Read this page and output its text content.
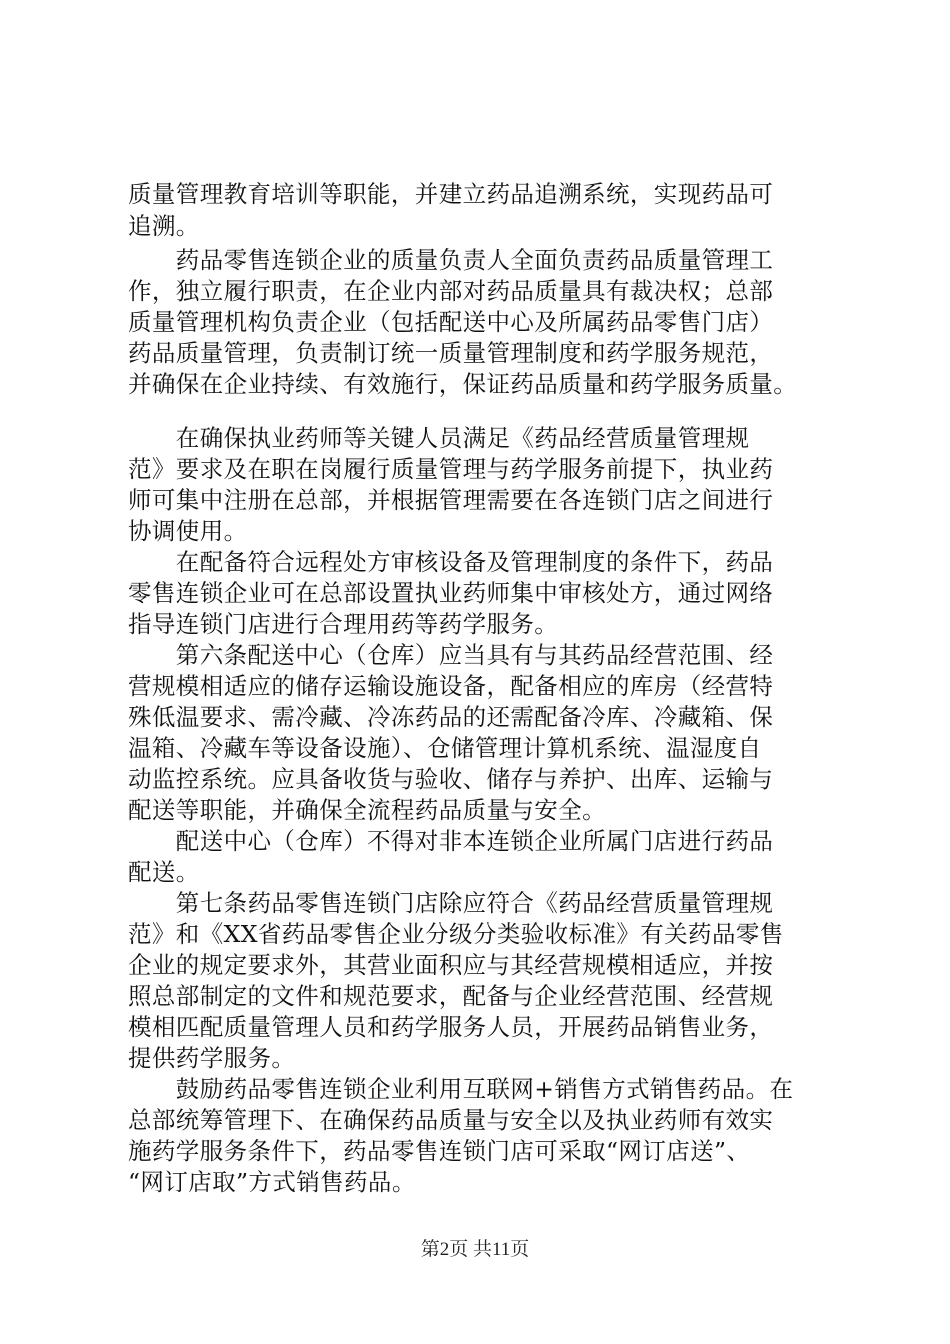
质量管理教育培训等职能，并建立药品追溯系统，实现药品可
追溯。
　　药品零售连锁企业的质量负责人全面负责药品质量管理工
作，独立履行职责，在企业内部对药品质量具有裁决权；总部
质量管理机构负责企业（包括配送中心及所属药品零售门店）
药品质量管理，负责制订统一质量管理制度和药学服务规范，
并确保在企业持续、有效施行，保证药品质量和药学服务质量。
　　在确保执业药师等关键人员满足《药品经营质量管理规
范》要求及在职在岗履行质量管理与药学服务前提下，执业药
师可集中注册在总部，并根据管理需要在各连锁门店之间进行
协调使用。
　　在配备符合远程处方审核设备及管理制度的条件下，药品
零售连锁企业可在总部设置执业药师集中审核处方，通过网络
指导连锁门店进行合理用药等药学服务。
　　第六条配送中心（仓库）应当具有与其药品经营范围、经
营规模相适应的储存运输设施设备，配备相应的库房（经营特
殊低温要求、需冷藏、冷冻药品的还需配备冷库、冷藏箱、保
温箱、冷藏车等设备设施）、仓储管理计算机系统、温湿度自
动监控系统。应具备收货与验收、储存与养护、出库、运输与
配送等职能，并确保全流程药品质量与安全。
　　配送中心（仓库）不得对非本连锁企业所属门店进行药品
配送。
　　第七条药品零售连锁门店除应符合《药品经营质量管理规
范》和《XX省药品零售企业分级分类验收标准》有关药品零售
企业的规定要求外，其营业面积应与其经营规模相适应，并按
照总部制定的文件和规范要求，配备与企业经营范围、经营规
模相匹配质量管理人员和药学服务人员，开展药品销售业务，
提供药学服务。
　　鼓励药品零售连锁企业利用互联网+销售方式销售药品。在
总部统筹管理下、在确保药品质量与安全以及执业药师有效实
施药学服务条件下，药品零售连锁门店可采取“网订店送”、
“网订店取”方式销售药品。
第2页 共11页
